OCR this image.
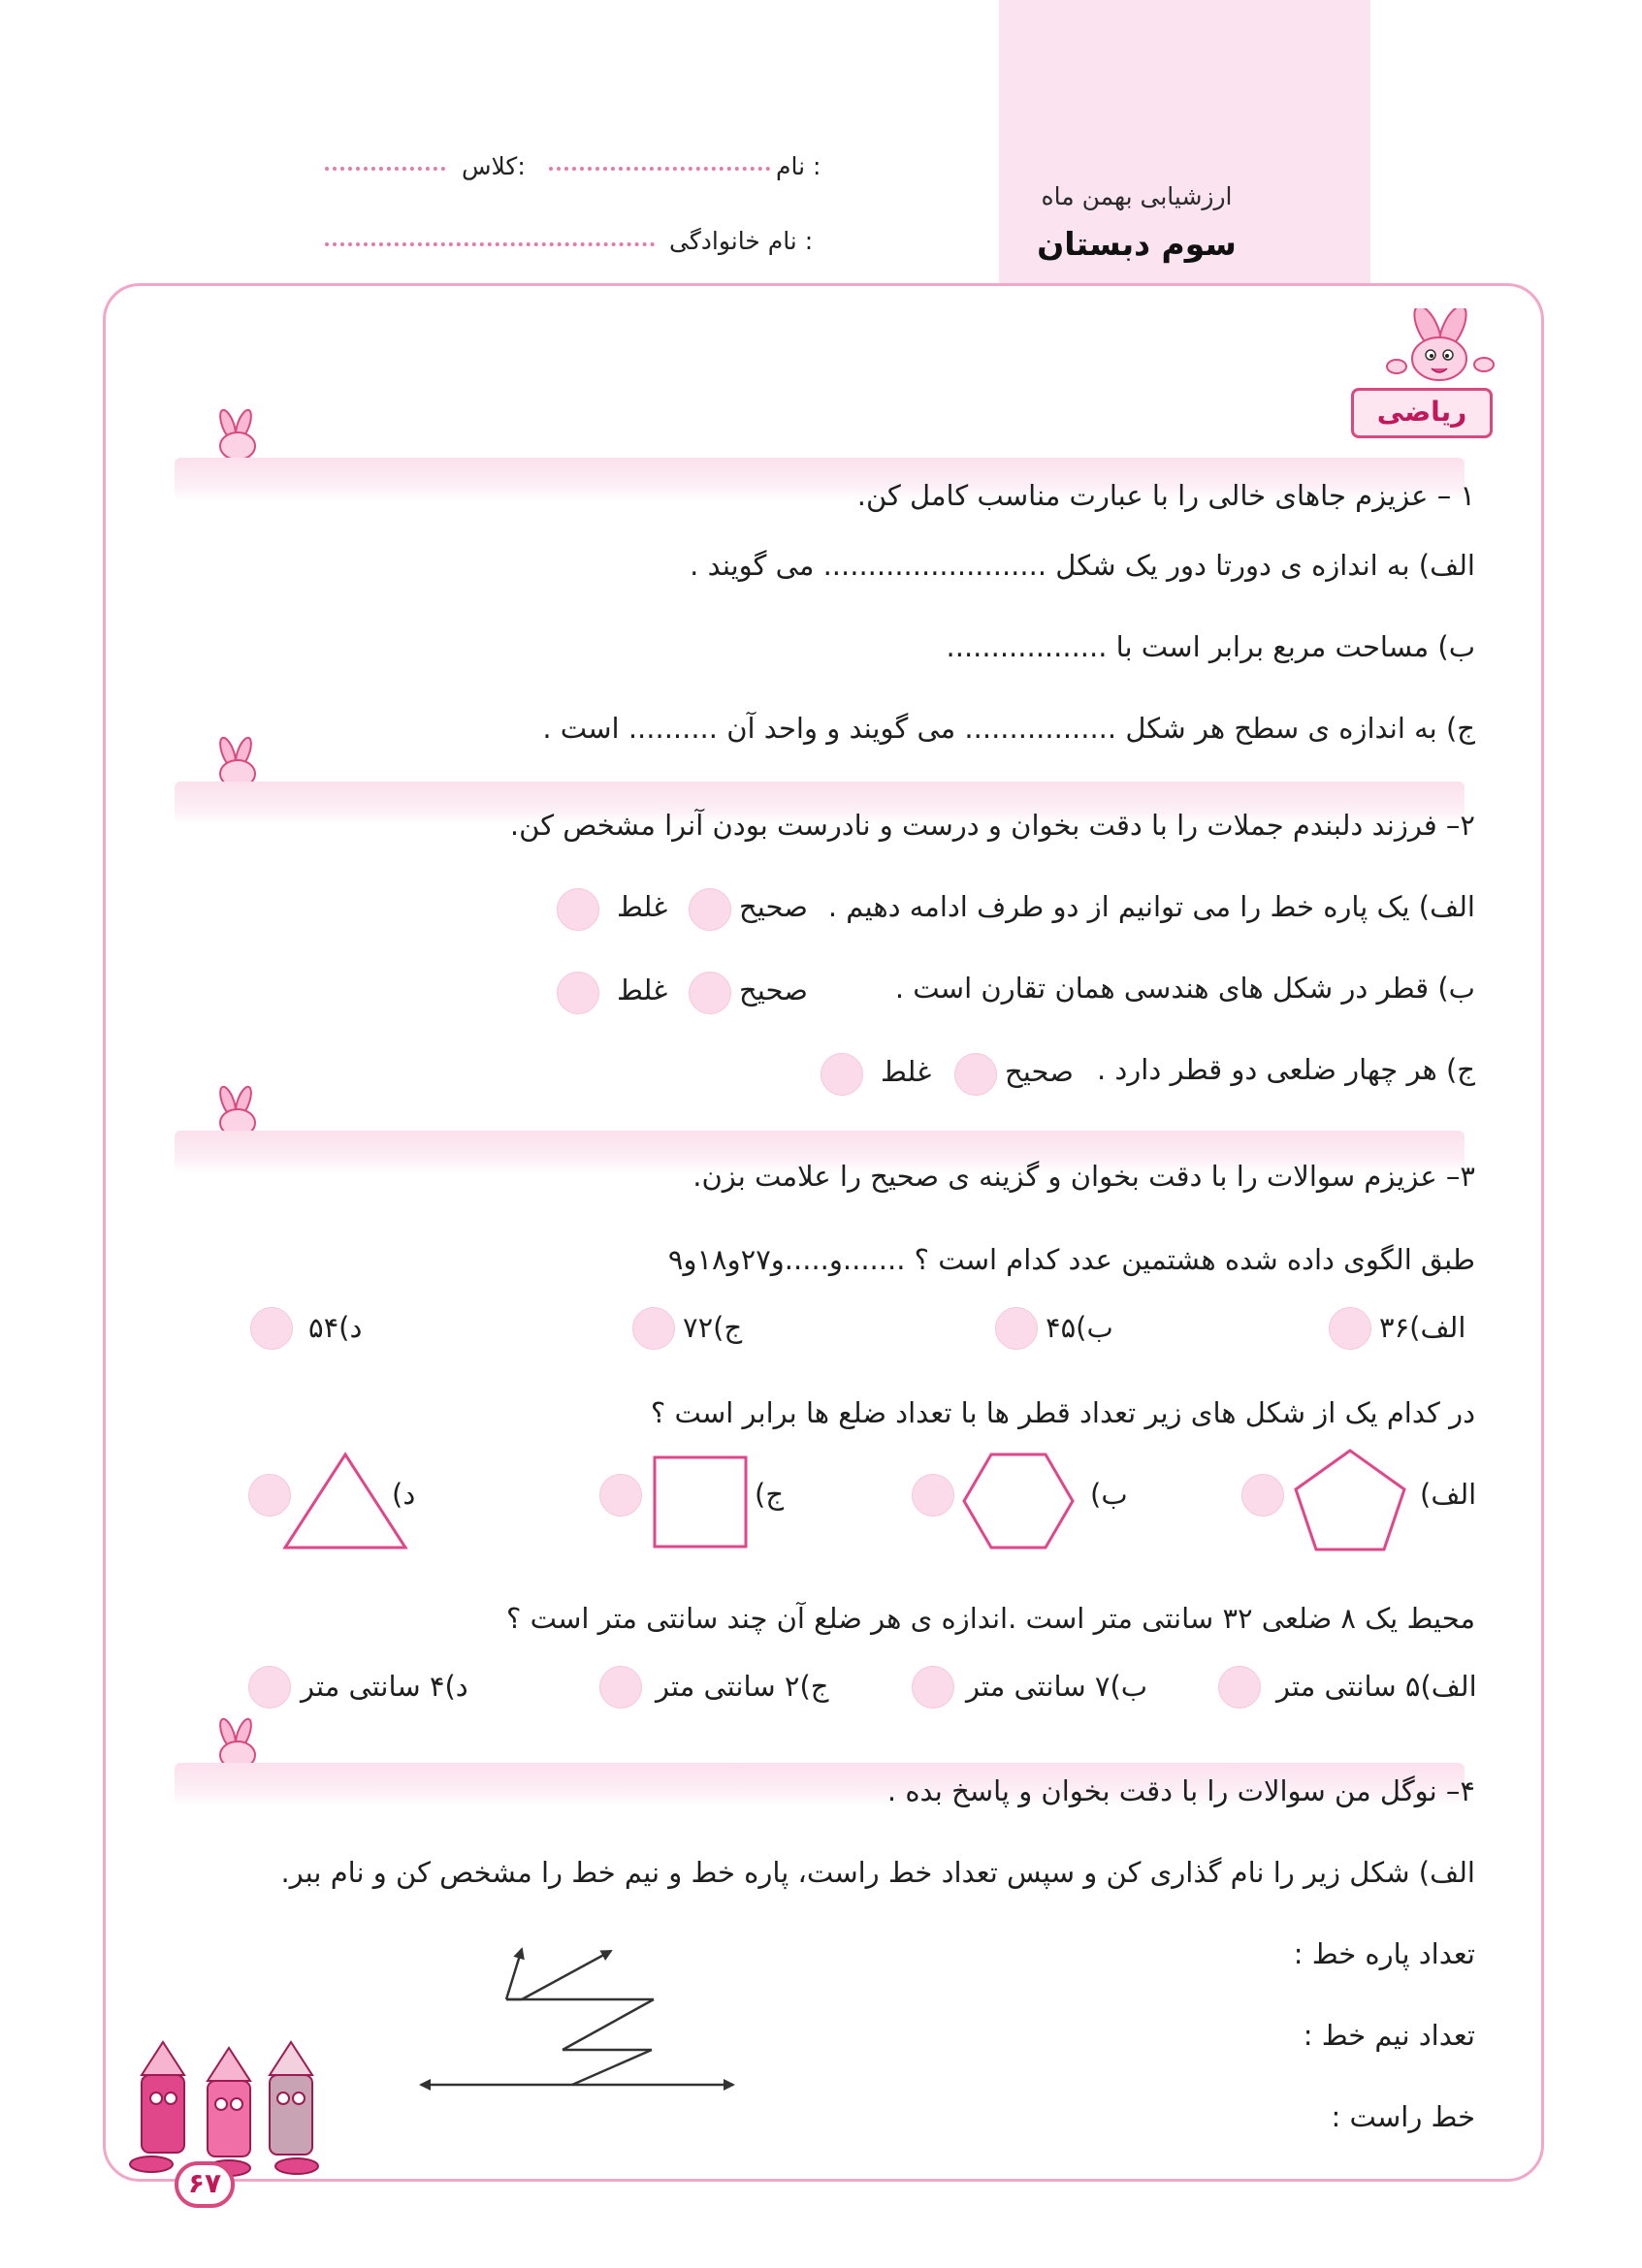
ارزشیابی بهمن ماه
سوم دبستان
: نام
:کلاس
: نام خانوادگی
ریاضی
۱ – عزیزم جاهای خالی را با عبارت مناسب کامل کن.
الف) به اندازه ی دورتا دور یک شکل ......................... می گویند .
ب) مساحت مربع برابر است با ..................
ج) به اندازه ی سطح هر شکل ................. می گویند و واحد آن .......... است .
۲– فرزند دلبندم جملات را با دقت بخوان و درست و نادرست بودن آنرا مشخص کن.
الف) یک پاره خط را می توانیم از دو طرف ادامه دهیم .
صحیح
غلط
ب) قطر در شکل های هندسی همان تقارن است .
صحیح
غلط
ج) هر چهار ضلعی دو قطر دارد .
صحیح
غلط
۳– عزیزم سوالات را با دقت بخوان و گزینه ی صحیح را علامت بزن.
طبق الگوی داده شده هشتمین عدد کدام است ؟ .......و.....و۲۷و۱۸و۹
الف)۳۶
ب)۴۵
ج)۷۲
د)۵۴
در کدام یک از شکل های زیر تعداد قطر ها با تعداد ضلع ها برابر است ؟
الف)
ب)
ج)
د)
محیط یک ۸ ضلعی ۳۲ سانتی متر است .اندازه ی هر ضلع آن چند سانتی متر است ؟
الف)۵ سانتی متر
ب)۷ سانتی متر
ج)۲ سانتی متر
د)۴ سانتی متر
۴– نوگل من سوالات را با دقت بخوان و پاسخ بده .
الف) شکل زیر را نام گذاری کن و سپس تعداد خط راست، پاره خط و نیم خط را مشخص کن و نام ببر.
تعداد پاره خط :
تعداد نیم خط :
خط راست :
۶۷
